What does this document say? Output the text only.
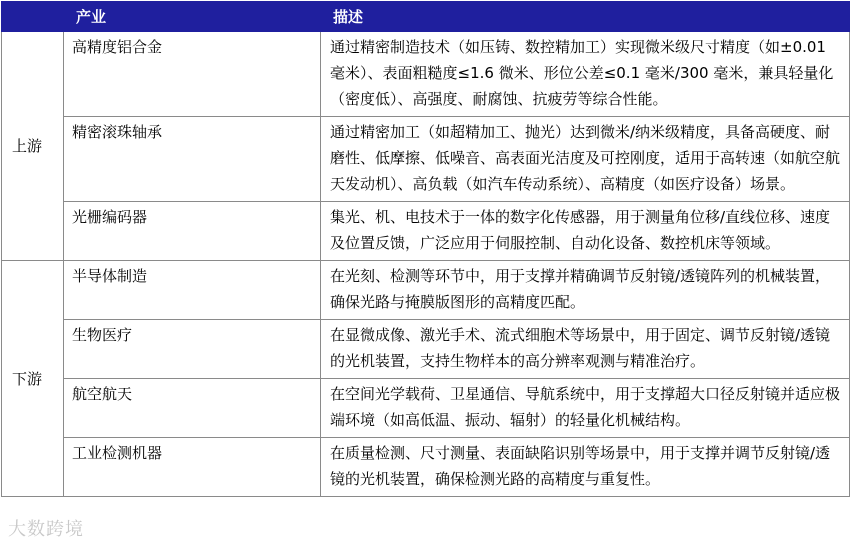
	产业	描述
上游	高精度铝合金	通过精密制造技术（如压铸、数控精加工）实现微米级尺寸精度（如±0.01 毫米）、表面粗糙度≤1.6 微米、形位公差≤0.1 毫米/300 毫米，兼具轻量化（密度低）、高强度、耐腐蚀、抗疲劳等综合性能。
	精密滚珠轴承	通过精密加工（如超精加工、抛光）达到微米/纳米级精度，具备高硬度、耐磨性、低摩擦、低噪音、高表面光洁度及可控刚度，适用于高转速（如航空航天发动机）、高负载（如汽车传动系统）、高精度（如医疗设备）场景。
	光栅编码器	集光、机、电技术于一体的数字化传感器，用于测量角位移/直线位移、速度及位置反馈，广泛应用于伺服控制、自动化设备、数控机床等领域。
下游	半导体制造	在光刻、检测等环节中，用于支撑并精确调节反射镜/透镜阵列的机械装置，确保光路与掩膜版图形的高精度匹配。
	生物医疗	在显微成像、激光手术、流式细胞术等场景中，用于固定、调节反射镜/透镜的光机装置，支持生物样本的高分辨率观测与精准治疗。
	航空航天	在空间光学载荷、卫星通信、导航系统中，用于支撑超大口径反射镜并适应极端环境（如高低温、振动、辐射）的轻量化机械结构。
	工业检测机器	在质量检测、尺寸测量、表面缺陷识别等场景中，用于支撑并调节反射镜/透镜的光机装置，确保检测光路的高精度与重复性。
大数跨境
